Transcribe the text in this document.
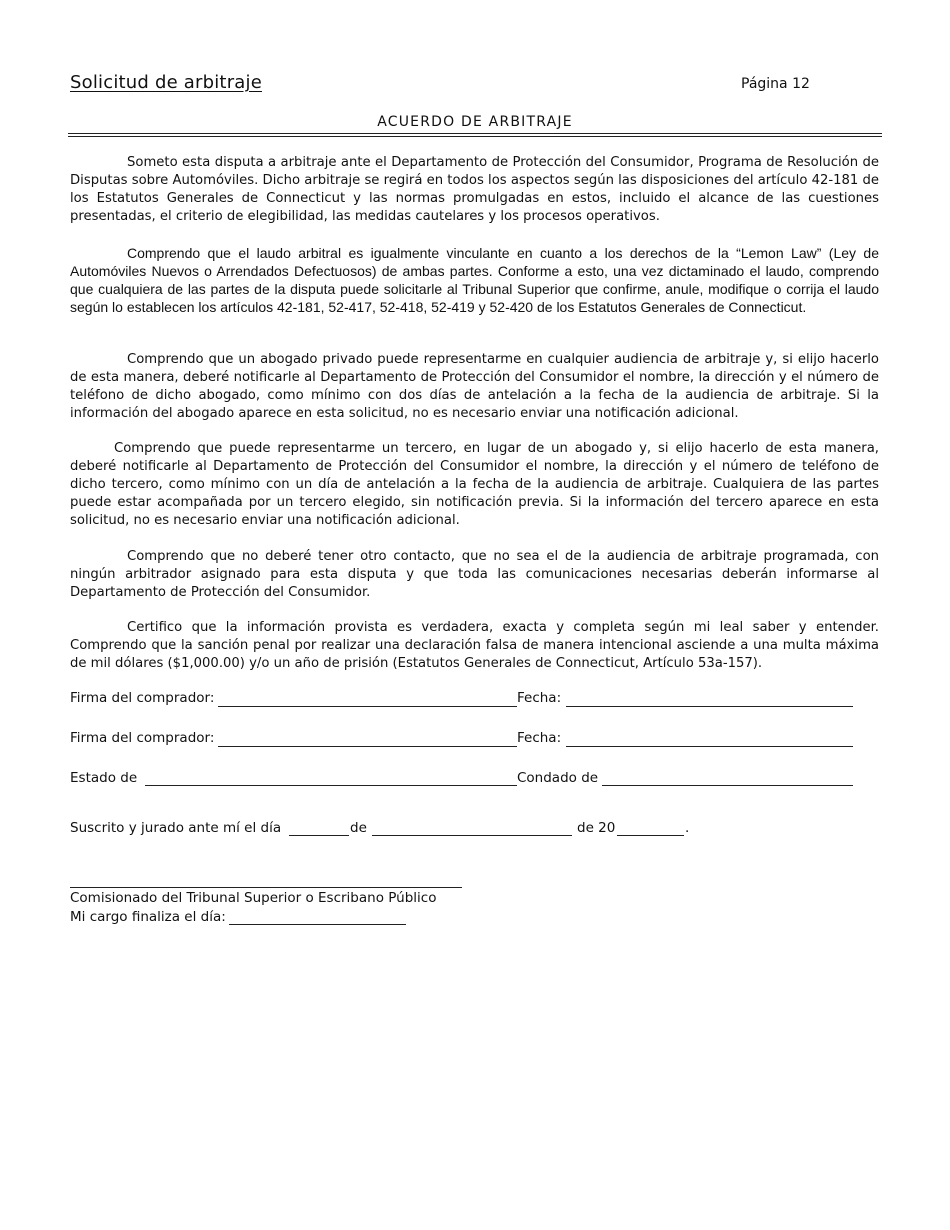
Solicitud de arbitraje	Página 12
ACUERDO DE ARBITRAJE

Someto esta disputa a arbitraje ante el Departamento de Protección del Consumidor, Programa de Resolución de Disputas sobre Automóviles. Dicho arbitraje se regirá en todos los aspectos según las disposiciones del artículo 42-181 de los Estatutos Generales de Connecticut y las normas promulgadas en estos, incluido el alcance de las cuestiones presentadas, el criterio de elegibilidad, las medidas cautelares y los procesos operativos.

Comprendo que el laudo arbitral es igualmente vinculante en cuanto a los derechos de la “Lemon Law” (Ley de Automóviles Nuevos o Arrendados Defectuosos) de ambas partes. Conforme a esto, una vez dictaminado el laudo, comprendo que cualquiera de las partes de la disputa puede solicitarle al Tribunal Superior que confirme, anule, modifique o corrija el laudo según lo establecen los artículos 42-181, 52-417, 52-418, 52-419 y 52-420 de los Estatutos Generales de Connecticut.

Comprendo que un abogado privado puede representarme en cualquier audiencia de arbitraje y, si elijo hacerlo de esta manera, deberé notificarle al Departamento de Protección del Consumidor el nombre, la dirección y el número de teléfono de dicho abogado, como mínimo con dos días de antelación a la fecha de la audiencia de arbitraje. Si la información del abogado aparece en esta solicitud, no es necesario enviar una notificación adicional.

Comprendo que puede representarme un tercero, en lugar de un abogado y, si elijo hacerlo de esta manera, deberé notificarle al Departamento de Protección del Consumidor el nombre, la dirección y el número de teléfono de dicho tercero, como mínimo con un día de antelación a la fecha de la audiencia de arbitraje. Cualquiera de las partes puede estar acompañada por un tercero elegido, sin notificación previa. Si la información del tercero aparece en esta solicitud, no es necesario enviar una notificación adicional.

Comprendo que no deberé tener otro contacto, que no sea el de la audiencia de arbitraje programada, con ningún arbitrador asignado para esta disputa y que toda las comunicaciones necesarias deberán informarse al Departamento de Protección del Consumidor.

Certifico que la información provista es verdadera, exacta y completa según mi leal saber y entender. Comprendo que la sanción penal por realizar una declaración falsa de manera intencional asciende a una multa máxima de mil dólares ($1,000.00) y/o un año de prisión (Estatutos Generales de Connecticut, Artículo 53a-157).

Firma del comprador:	Fecha:
Firma del comprador:	Fecha:
Estado de	Condado de
Suscrito y jurado ante mí el día	de	de 20	.
Comisionado del Tribunal Superior o Escribano Público
Mi cargo finaliza el día:
